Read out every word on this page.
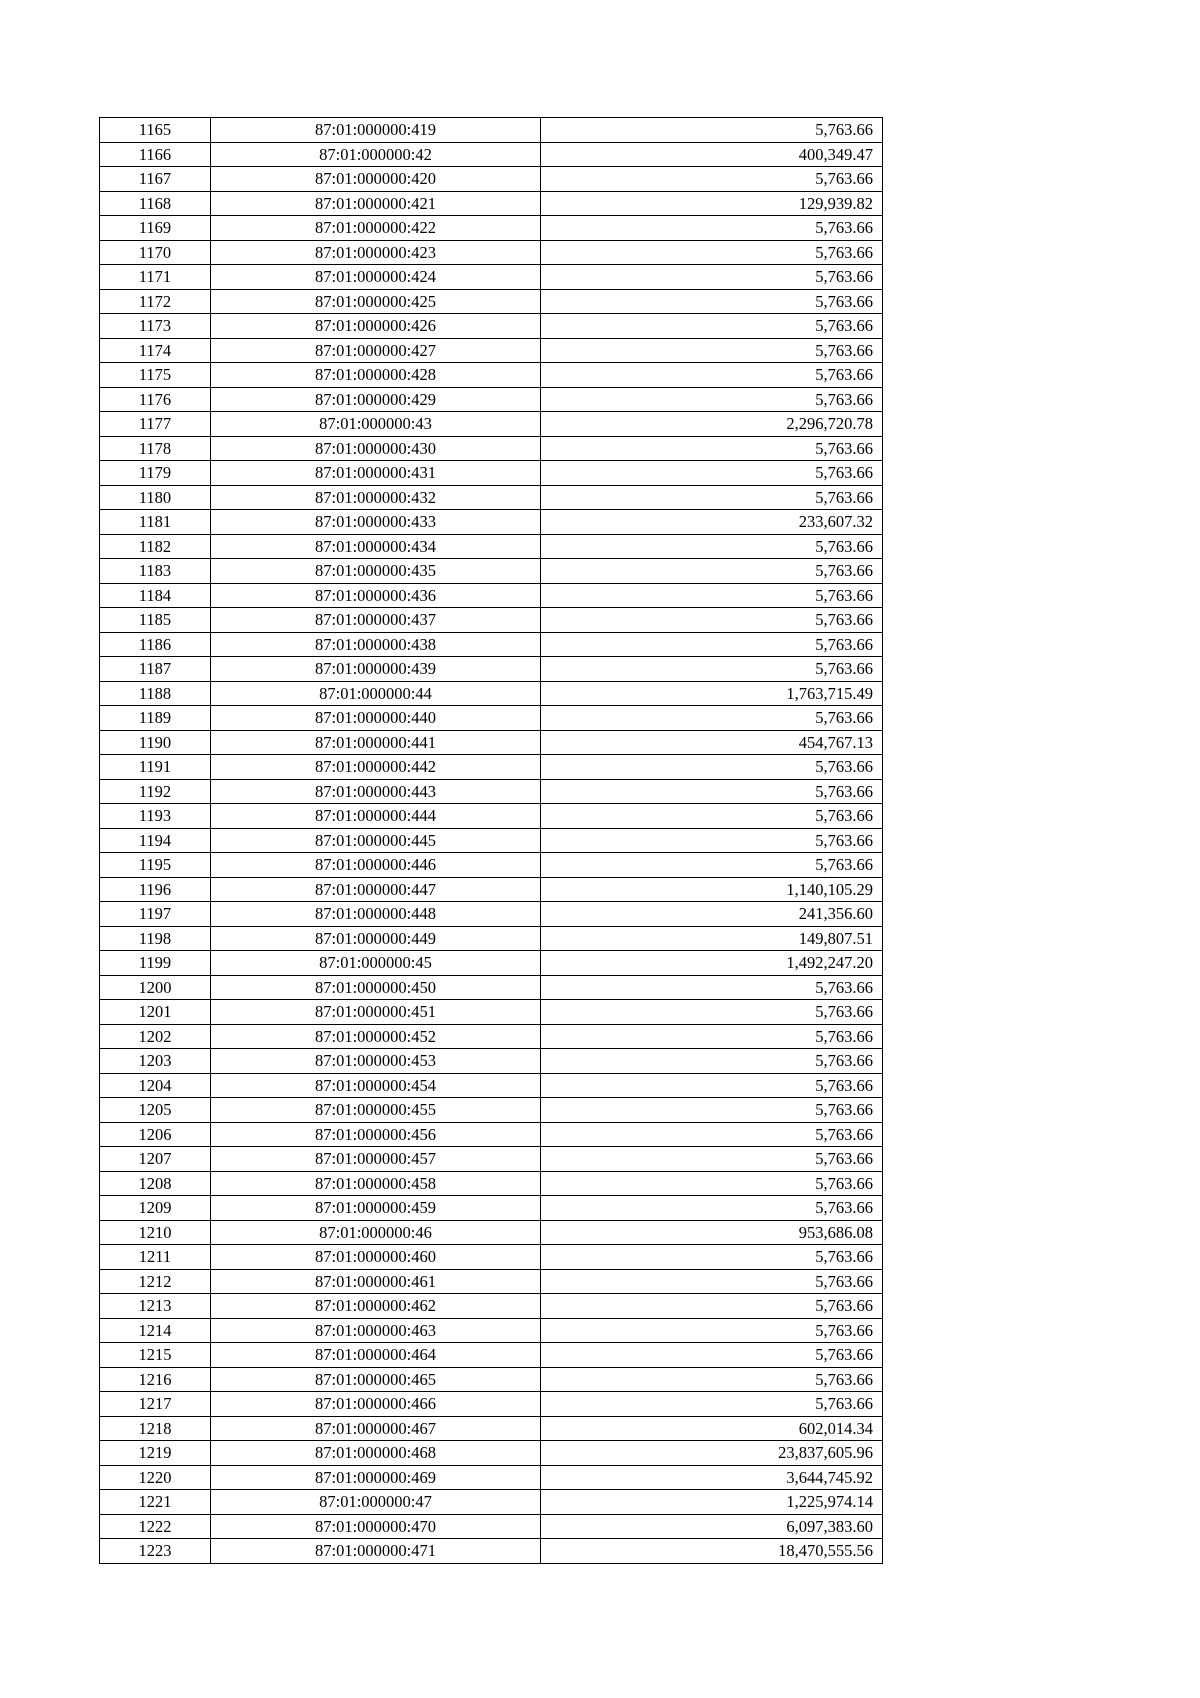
1165	87:01:000000:419	5,763.66
1166	87:01:000000:42	400,349.47
1167	87:01:000000:420	5,763.66
1168	87:01:000000:421	129,939.82
1169	87:01:000000:422	5,763.66
1170	87:01:000000:423	5,763.66
1171	87:01:000000:424	5,763.66
1172	87:01:000000:425	5,763.66
1173	87:01:000000:426	5,763.66
1174	87:01:000000:427	5,763.66
1175	87:01:000000:428	5,763.66
1176	87:01:000000:429	5,763.66
1177	87:01:000000:43	2,296,720.78
1178	87:01:000000:430	5,763.66
1179	87:01:000000:431	5,763.66
1180	87:01:000000:432	5,763.66
1181	87:01:000000:433	233,607.32
1182	87:01:000000:434	5,763.66
1183	87:01:000000:435	5,763.66
1184	87:01:000000:436	5,763.66
1185	87:01:000000:437	5,763.66
1186	87:01:000000:438	5,763.66
1187	87:01:000000:439	5,763.66
1188	87:01:000000:44	1,763,715.49
1189	87:01:000000:440	5,763.66
1190	87:01:000000:441	454,767.13
1191	87:01:000000:442	5,763.66
1192	87:01:000000:443	5,763.66
1193	87:01:000000:444	5,763.66
1194	87:01:000000:445	5,763.66
1195	87:01:000000:446	5,763.66
1196	87:01:000000:447	1,140,105.29
1197	87:01:000000:448	241,356.60
1198	87:01:000000:449	149,807.51
1199	87:01:000000:45	1,492,247.20
1200	87:01:000000:450	5,763.66
1201	87:01:000000:451	5,763.66
1202	87:01:000000:452	5,763.66
1203	87:01:000000:453	5,763.66
1204	87:01:000000:454	5,763.66
1205	87:01:000000:455	5,763.66
1206	87:01:000000:456	5,763.66
1207	87:01:000000:457	5,763.66
1208	87:01:000000:458	5,763.66
1209	87:01:000000:459	5,763.66
1210	87:01:000000:46	953,686.08
1211	87:01:000000:460	5,763.66
1212	87:01:000000:461	5,763.66
1213	87:01:000000:462	5,763.66
1214	87:01:000000:463	5,763.66
1215	87:01:000000:464	5,763.66
1216	87:01:000000:465	5,763.66
1217	87:01:000000:466	5,763.66
1218	87:01:000000:467	602,014.34
1219	87:01:000000:468	23,837,605.96
1220	87:01:000000:469	3,644,745.92
1221	87:01:000000:47	1,225,974.14
1222	87:01:000000:470	6,097,383.60
1223	87:01:000000:471	18,470,555.56
